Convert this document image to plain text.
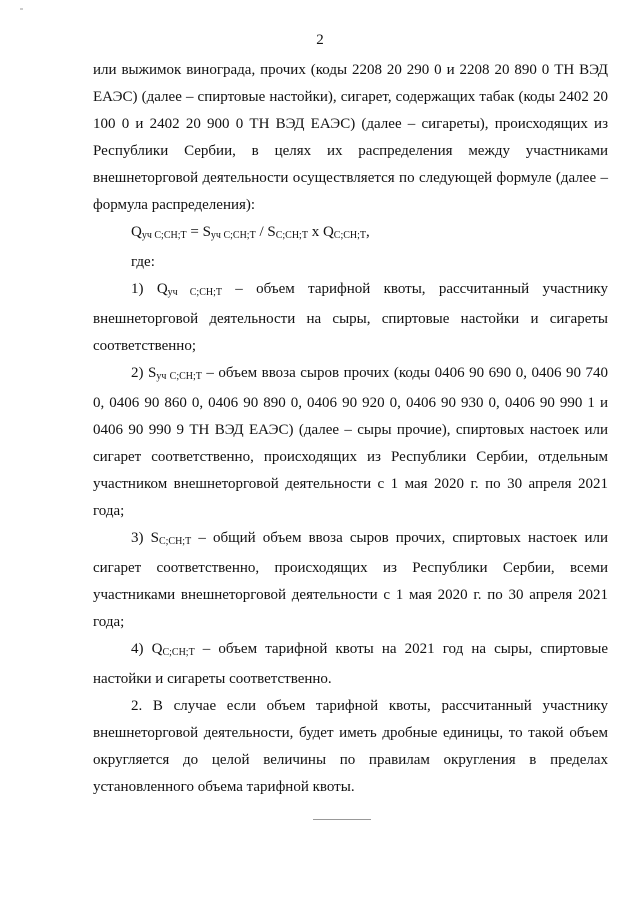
2

или выжимок винограда, прочих (коды 2208 20 290 0 и 2208 20 890 0 ТН ВЭД ЕАЭС) (далее – спиртовые настойки), сигарет, содержащих табак (коды 2402 20 100 0 и 2402 20 900 0 ТН ВЭД ЕАЭС) (далее – сигареты), происходящих из Республики Сербии, в целях их распределения между участниками внешнеторговой деятельности осуществляется по следующей формуле (далее – формула распределения):

$Q_{уч С;СН;Т} = S_{уч С;СН;Т} / S_{С;СН;Т}$ x $Q_{С;СН;Т}$,

где:

1) $Q_{уч С;СН;Т}$ – объем тарифной квоты, рассчитанный участнику внешнеторговой деятельности на сыры, спиртовые настойки и сигареты соответственно;

2) $S_{уч С;СН;Т}$ – объем ввоза сыров прочих (коды 0406 90 690 0, 0406 90 740 0, 0406 90 860 0, 0406 90 890 0, 0406 90 920 0, 0406 90 930 0, 0406 90 990 1 и 0406 90 990 9 ТН ВЭД ЕАЭС) (далее – сыры прочие), спиртовых настоек или сигарет соответственно, происходящих из Республики Сербии, отдельным участником внешнеторговой деятельности с 1 мая 2020 г. по 30 апреля 2021 года;

3) $S_{С;СН;Т}$ – общий объем ввоза сыров прочих, спиртовых настоек или сигарет соответственно, происходящих из Республики Сербии, всеми участниками внешнеторговой деятельности с 1 мая 2020 г. по 30 апреля 2021 года;

4) $Q_{С;СН;Т}$ – объем тарифной квоты на 2021 год на сыры, спиртовые настойки и сигареты соответственно.

2. В случае если объем тарифной квоты, рассчитанный участнику внешнеторговой деятельности, будет иметь дробные единицы, то такой объем округляется до целой величины по правилам округления в пределах установленного объема тарифной квоты.
